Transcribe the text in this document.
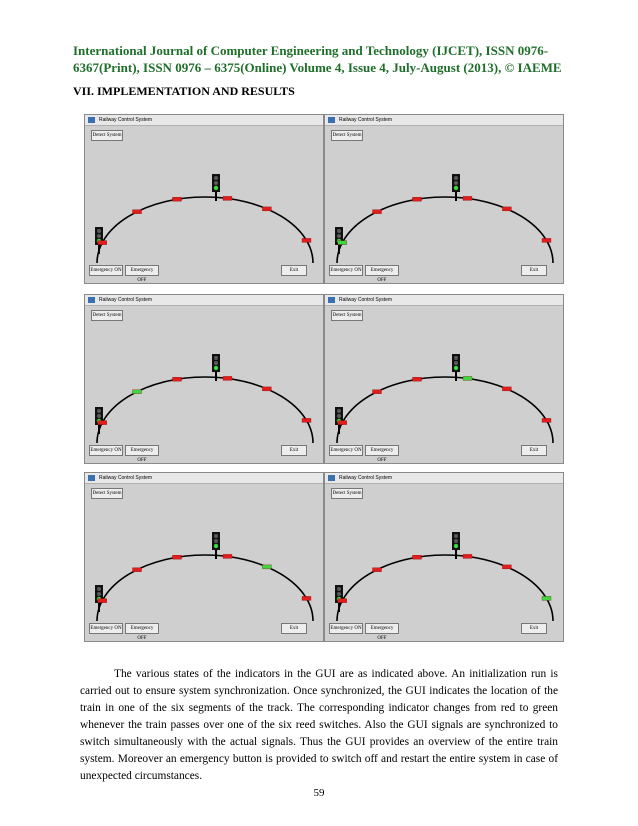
International Journal of Computer Engineering and Technology (IJCET), ISSN 0976-
6367(Print), ISSN 0976 – 6375(Online) Volume 4, Issue 4, July-August (2013), © IAEME
VII. IMPLEMENTATION AND RESULTS
Railway Control System
Detect System
Emergency ON	Emergency OFF
Exit
Railway Control System
Detect System
Emergency ON	Emergency OFF
Exit
Railway Control System
Detect System
Emergency ON	Emergency OFF
Exit
Railway Control System
Detect System
Emergency ON	Emergency OFF
Exit
Railway Control System
Detect System
Emergency ON	Emergency OFF
Exit
Railway Control System
Detect System
Emergency ON	Emergency OFF
Exit

The various states of the indicators in the GUI are as indicated above. An initialization run is carried out to ensure system synchronization. Once synchronized, the GUI indicates the location of the train in one of the six segments of the track. The corresponding indicator changes from red to green whenever the train passes over one of the six reed switches. Also the GUI signals are synchronized to switch simultaneously with the actual signals. Thus the GUI provides an overview of the entire train system. Moreover an emergency button is provided to switch off and restart the entire system in case of unexpected circumstances.

59
